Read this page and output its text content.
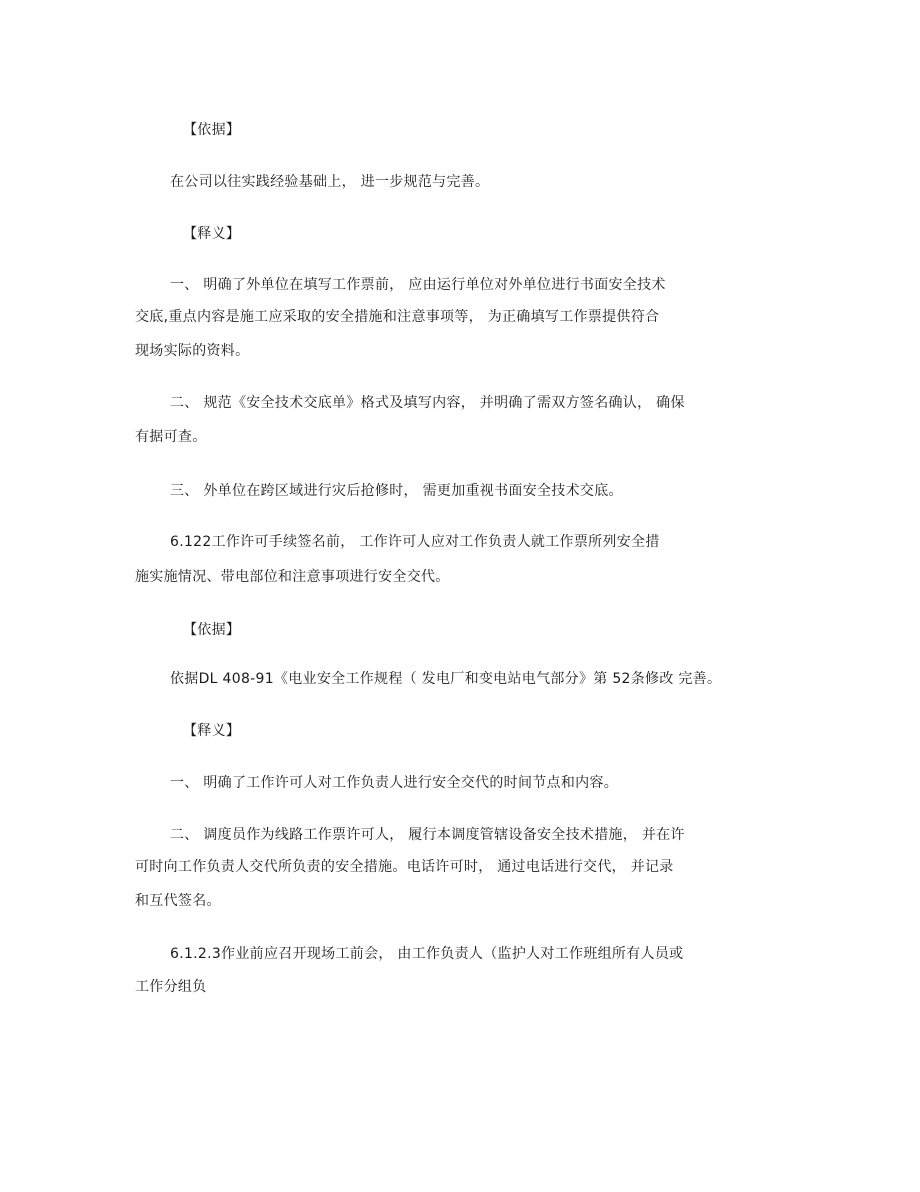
【依据】
在公司以往实践经验基础上， 进一步规范与完善。
【释义】
一、 明确了外单位在填写工作票前， 应由运行单位对外单位进行书面安全技术
交底,重点内容是施工应采取的安全措施和注意事项等， 为正确填写工作票提供符合
现场实际的资料。
二、 规范《安全技术交底单》格式及填写内容， 并明确了需双方签名确认， 确保
有据可查。
三、 外单位在跨区域进行灾后抢修时， 需更加重视书面安全技术交底。
6.122工作许可手续签名前， 工作许可人应对工作负责人就工作票所列安全措
施实施情况、带电部位和注意事项进行安全交代。
【依据】
依据DL 408-91《电业安全工作规程（ 发电厂和变电站电气部分》第 52条修改 完善。
【释义】
一、 明确了工作许可人对工作负责人进行安全交代的时间节点和内容。
二、 调度员作为线路工作票许可人， 履行本调度管辖设备安全技术措施， 并在许
可时向工作负责人交代所负责的安全措施。电话许可时， 通过电话进行交代， 并记录
和互代签名。
6.1.2.3作业前应召开现场工前会， 由工作负责人（监护人对工作班组所有人员或
工作分组负
